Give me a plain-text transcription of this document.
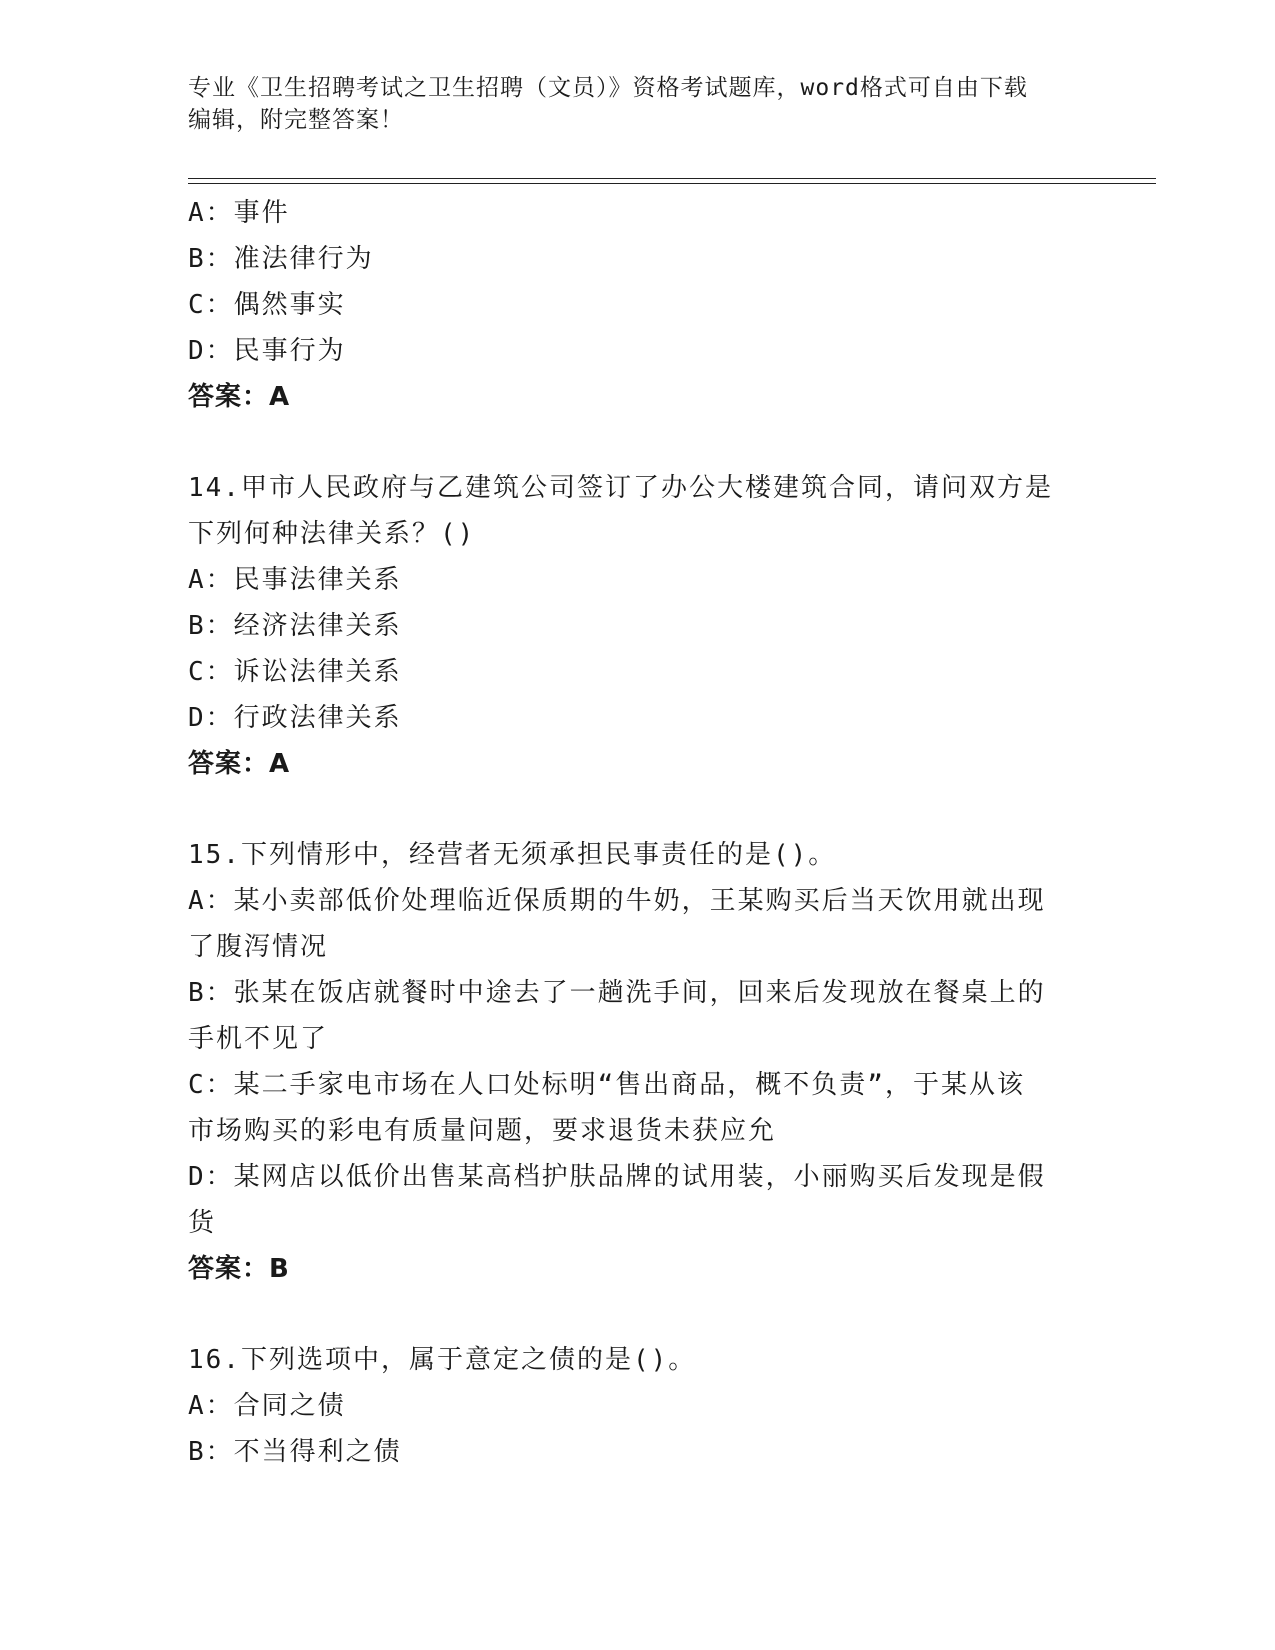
专业《卫生招聘考试之卫生招聘（文员）》资格考试题库，word格式可自由下载
编辑，附完整答案！
A：事件
B：准法律行为
C：偶然事实
D：民事行为
答案：A
14.甲市人民政府与乙建筑公司签订了办公大楼建筑合同，请问双方是
下列何种法律关系？()
A：民事法律关系
B：经济法律关系
C：诉讼法律关系
D：行政法律关系
答案：A
15.下列情形中，经营者无须承担民事责任的是()。
A：某小卖部低价处理临近保质期的牛奶，王某购买后当天饮用就出现
了腹泻情况
B：张某在饭店就餐时中途去了一趟洗手间，回来后发现放在餐桌上的
手机不见了
C：某二手家电市场在人口处标明“售出商品，概不负责”，于某从该
市场购买的彩电有质量问题，要求退货未获应允
D：某网店以低价出售某高档护肤品牌的试用装，小丽购买后发现是假
货
答案：B
16.下列选项中，属于意定之债的是()。
A：合同之债
B：不当得利之债
